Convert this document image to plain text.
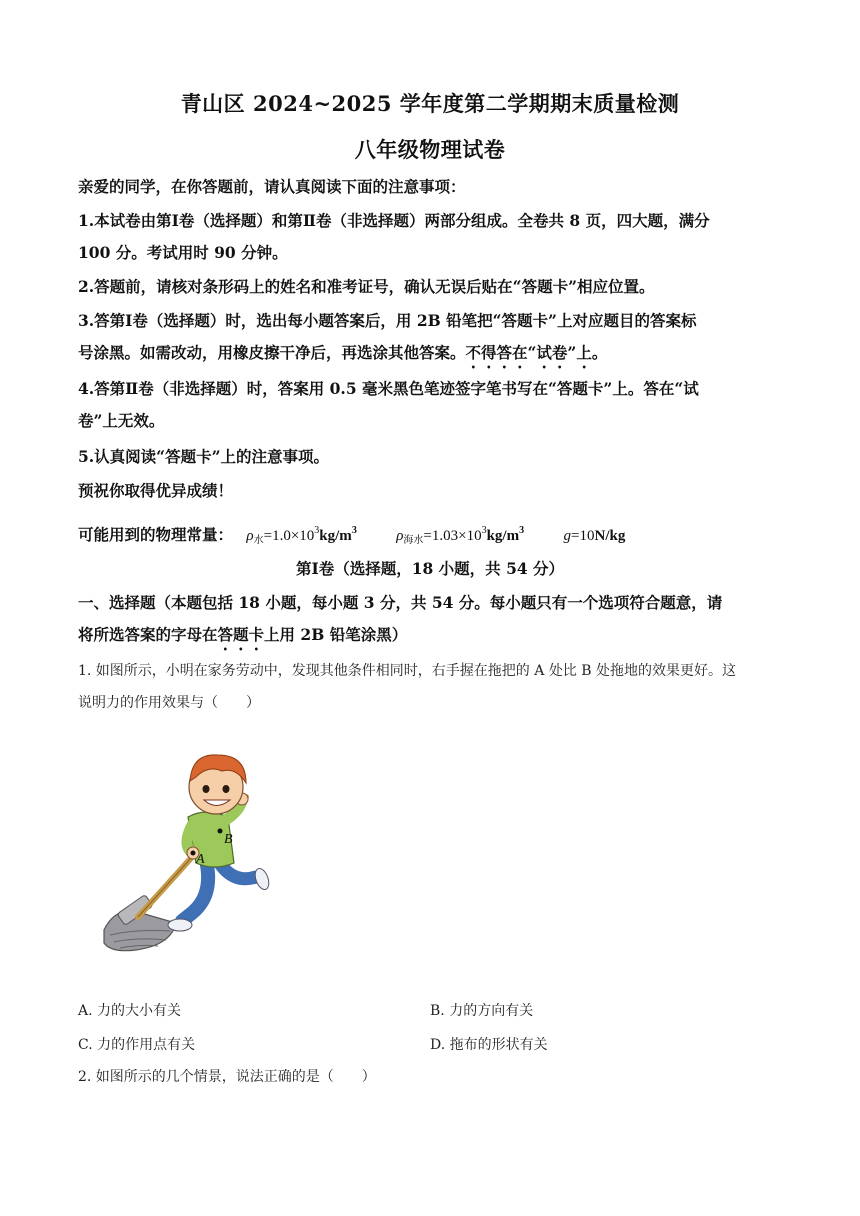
青山区 2024~2025 学年度第二学期期末质量检测
八年级物理试卷
亲爱的同学，在你答题前，请认真阅读下面的注意事项：
1.本试卷由第Ⅰ卷（选择题）和第Ⅱ卷（非选择题）两部分组成。全卷共 8 页，四大题，满分
100 分。考试用时 90 分钟。
2.答题前，请核对条形码上的姓名和准考证号，确认无误后贴在“答题卡”相应位置。
3.答第Ⅰ卷（选择题）时，选出每小题答案后，用 2B 铅笔把“答题卡”上对应题目的答案标
号涂黑。如需改动，用橡皮擦干净后，再选涂其他答案。不得答在“试卷”上。
4.答第Ⅱ卷（非选择题）时，答案用 0.5 毫米黑色笔迹签字笔书写在“答题卡”上。答在“试
卷”上无效。
5.认真阅读“答题卡”上的注意事项。
预祝你取得优异成绩！
可能用到的物理常量： $\rho_水=1.0\times 10^3kg/m^3$	$\rho_{海水}=1.03\times 10^3kg/m^3$	g=10N/kg
第Ⅰ卷（选择题，18 小题，共 54 分）
一、选择题（本题包括 18 小题，每小题 3 分，共 54 分。每小题只有一个选项符合题意，请
将所选答案的字母在答题卡上用 2B 铅笔涂黑）
1. 如图所示，小明在家务劳动中，发现其他条件相同时，右手握在拖把的 A 处比 B 处拖地的效果更好。这
说明力的作用效果与（　　）
B
A
A. 力的大小有关	B. 力的方向有关
C. 力的作用点有关	D. 拖布的形状有关
2. 如图所示的几个情景，说法正确的是（　　）
